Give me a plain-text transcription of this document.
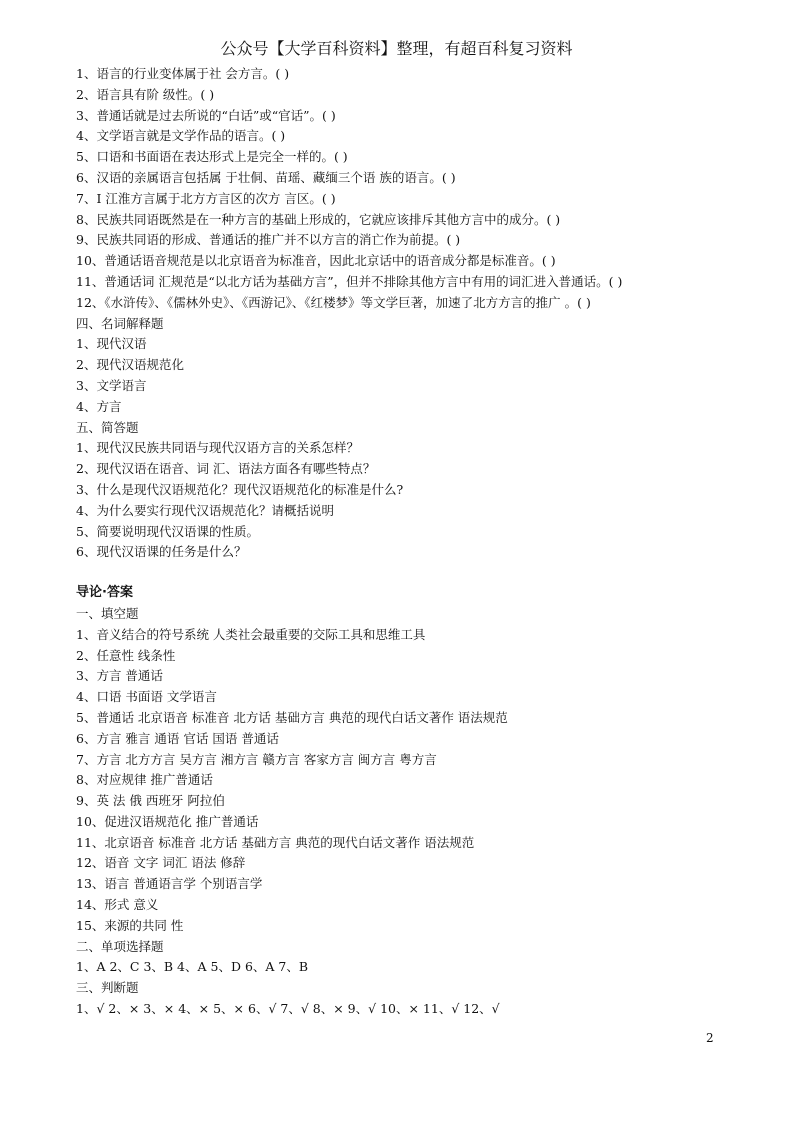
公众号【大学百科资料】整理，有超百科复习资料
1、语言的行业变体属于社 会方言。( )
2、语言具有阶 级性。( )
3、普通话就是过去所说的“白话”或“官话”。( )
4、文学语言就是文学作品的语言。( )
5、口语和书面语在表达形式上是完全一样的。( )
6、汉语的亲属语言包括属 于壮侗、苗瑶、藏缅三个语 族的语言。( )
7、I 江淮方言属于北方方言区的次方 言区。( )
8、民族共同语既然是在一种方言的基础上形成的，它就应该排斥其他方言中的成分。( )
9、民族共同语的形成、普通话的推广并不以方言的消亡作为前提。( )
10、普通话语音规范是以北京语音为标准音，因此北京话中的语音成分都是标准音。( )
11、普通话词 汇规范是“以北方话为基础方言”，但并不排除其他方言中有用的词汇进入普通话。( )
12、《水浒传》、《儒林外史》、《西游记》、《红楼梦》等文学巨著，加速了北方方言的推广 。( )
四、名词解释题
1、现代汉语
2、现代汉语规范化
3、文学语言
4、方言
五、简答题
1、现代汉民族共同语与现代汉语方言的关系怎样？
2、现代汉语在语音、词 汇、语法方面各有哪些特点？
3、什么是现代汉语规范化？现代汉语规范化的标准是什么?
4、为什么要实行现代汉语规范化？请概括说明
5、简要说明现代汉语课的性质。
6、现代汉语课的任务是什么？
导论·答案
一、填空题
1、音义结合的符号系统 人类社会最重要的交际工具和思维工具
2、任意性 线条性
3、方言 普通话
4、口语 书面语 文学语言
5、普通话 北京语音 标准音 北方话 基础方言 典范的现代白话文著作 语法规范
6、方言 雅言 通语 官话 国语 普通话
7、方言 北方方言 吴方言 湘方言 赣方言 客家方言 闽方言 粤方言
8、对应规律 推广普通话
9、英 法 俄 西班牙 阿拉伯
10、促进汉语规范化 推广普通话
11、北京语音 标准音 北方话 基础方言 典范的现代白话文著作 语法规范
12、语音 文字 词汇 语法 修辞
13、语言 普通语言学 个别语言学
14、形式 意义
15、来源的共同 性
二、单项选择题
1、A 2、C 3、B 4、A 5、D 6、A 7、B
三、判断题
1、√ 2、× 3、× 4、× 5、× 6、√ 7、√ 8、× 9、√ 10、× 11、√ 12、√
2
